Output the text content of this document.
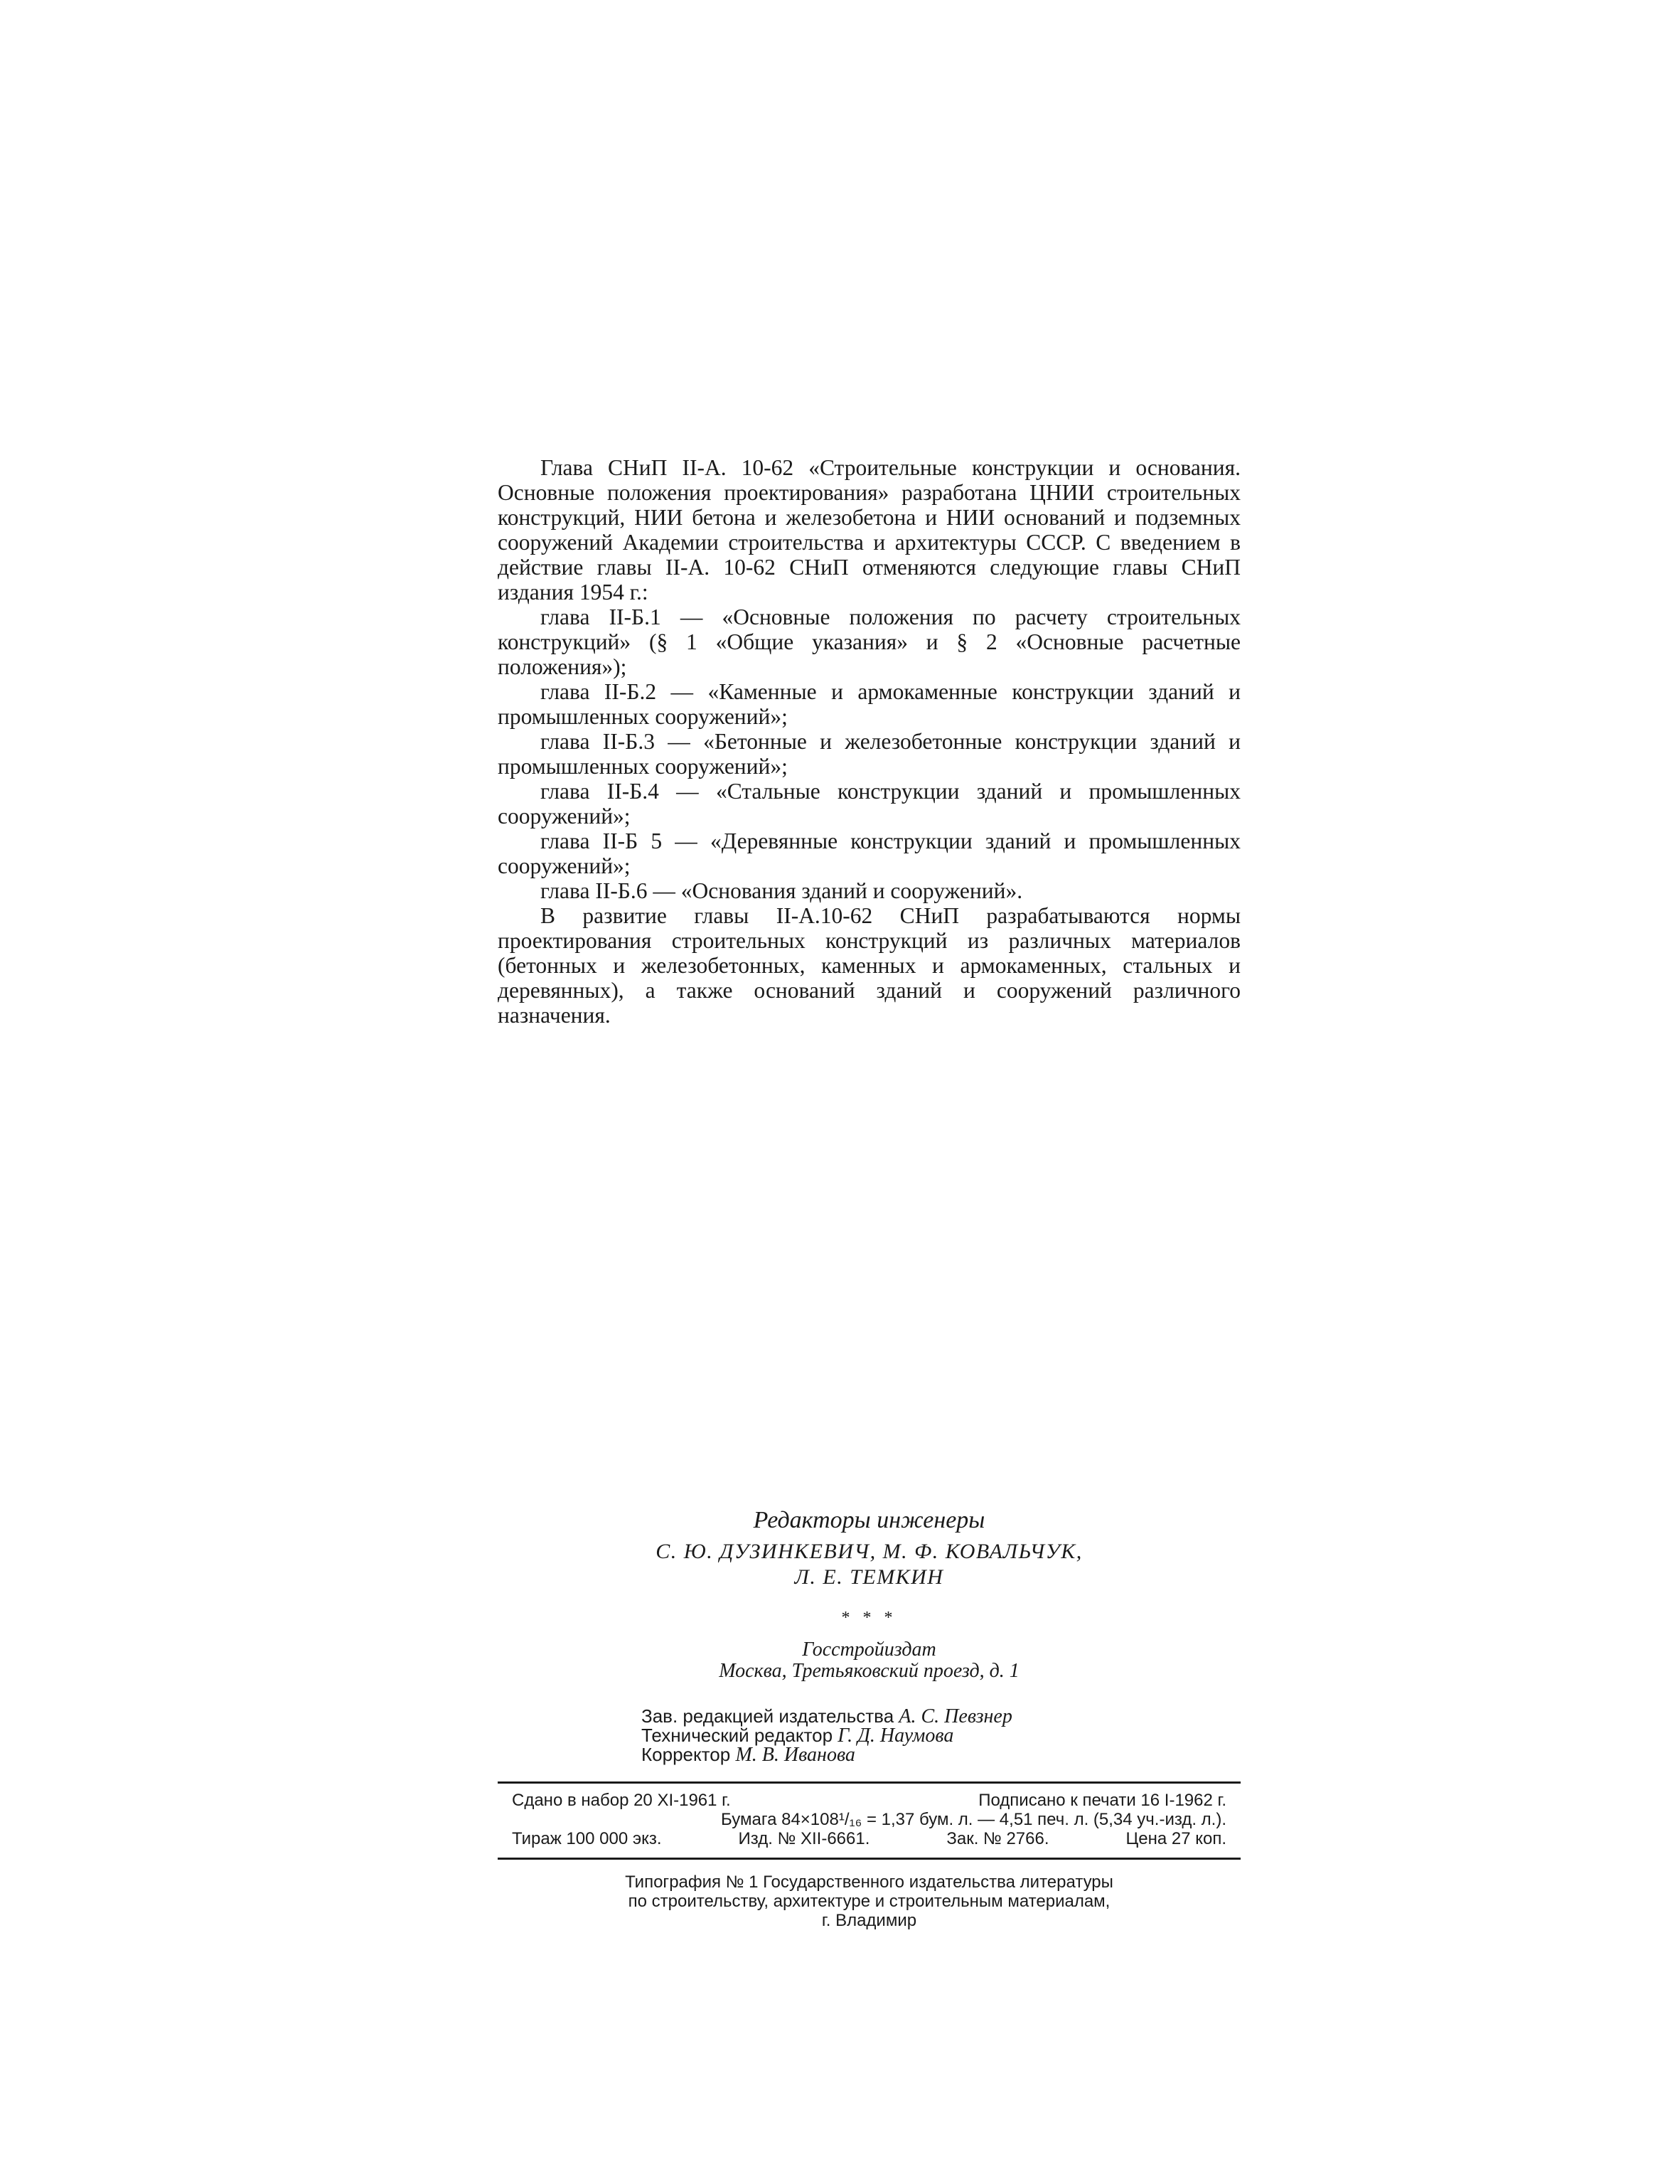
Глава СНиП II-А. 10-62 «Строительные конструкции и основания. Основные положения проектирования» разработана ЦНИИ строительных конструкций, НИИ бетона и железобетона и НИИ оснований и подземных сооружений Академии строительства и архитектуры СССР. С введением в действие главы II-А. 10-62 СНиП отменяются следующие главы СНиП издания 1954 г.:

глава II-Б.1 — «Основные положения по расчету строительных конструкций» (§ 1 «Общие указания» и § 2 «Основные расчетные положения»);

глава II-Б.2 — «Каменные и армокаменные конструкции зданий и промышленных сооружений»;

глава II-Б.3 — «Бетонные и железобетонные конструкции зданий и промышленных сооружений»;

глава II-Б.4 — «Стальные конструкции зданий и промышленных сооружений»;

глава II-Б 5 — «Деревянные конструкции зданий и промышленных сооружений»;

глава II-Б.6 — «Основания зданий и сооружений».

В развитие главы II-А.10-62 СНиП разрабатываются нормы проектирования строительных конструкций из различных материалов (бетонных и железобетонных, каменных и армокаменных, стальных и деревянных), а также оснований зданий и сооружений различного назначения.

Редакторы инженеры

С. Ю. ДУЗИНКЕВИЧ, М. Ф. КОВАЛЬЧУК,

Л. Е. ТЕМКИН

* * *
Госстройиздат
Москва, Третьяковский проезд, д. 1
Зав. редакцией издательства А. С. Певзнер
Технический редактор Г. Д. Наумова
Корректор М. В. Иванова
Сдано в набор 20 XI-1961 г.	Подписано к печати 16 I-1962 г.
Бумага 84×108¹/₁₆ = 1,37 бум. л. — 4,51 печ. л. (5,34 уч.-изд. л.).
Тираж 100 000 экз.	Изд. № XII-6661.	Зак. № 2766.	Цена 27 коп.
Типография № 1 Государственного издательства литературы
по строительству, архитектуре и строительным материалам,
г. Владимир
